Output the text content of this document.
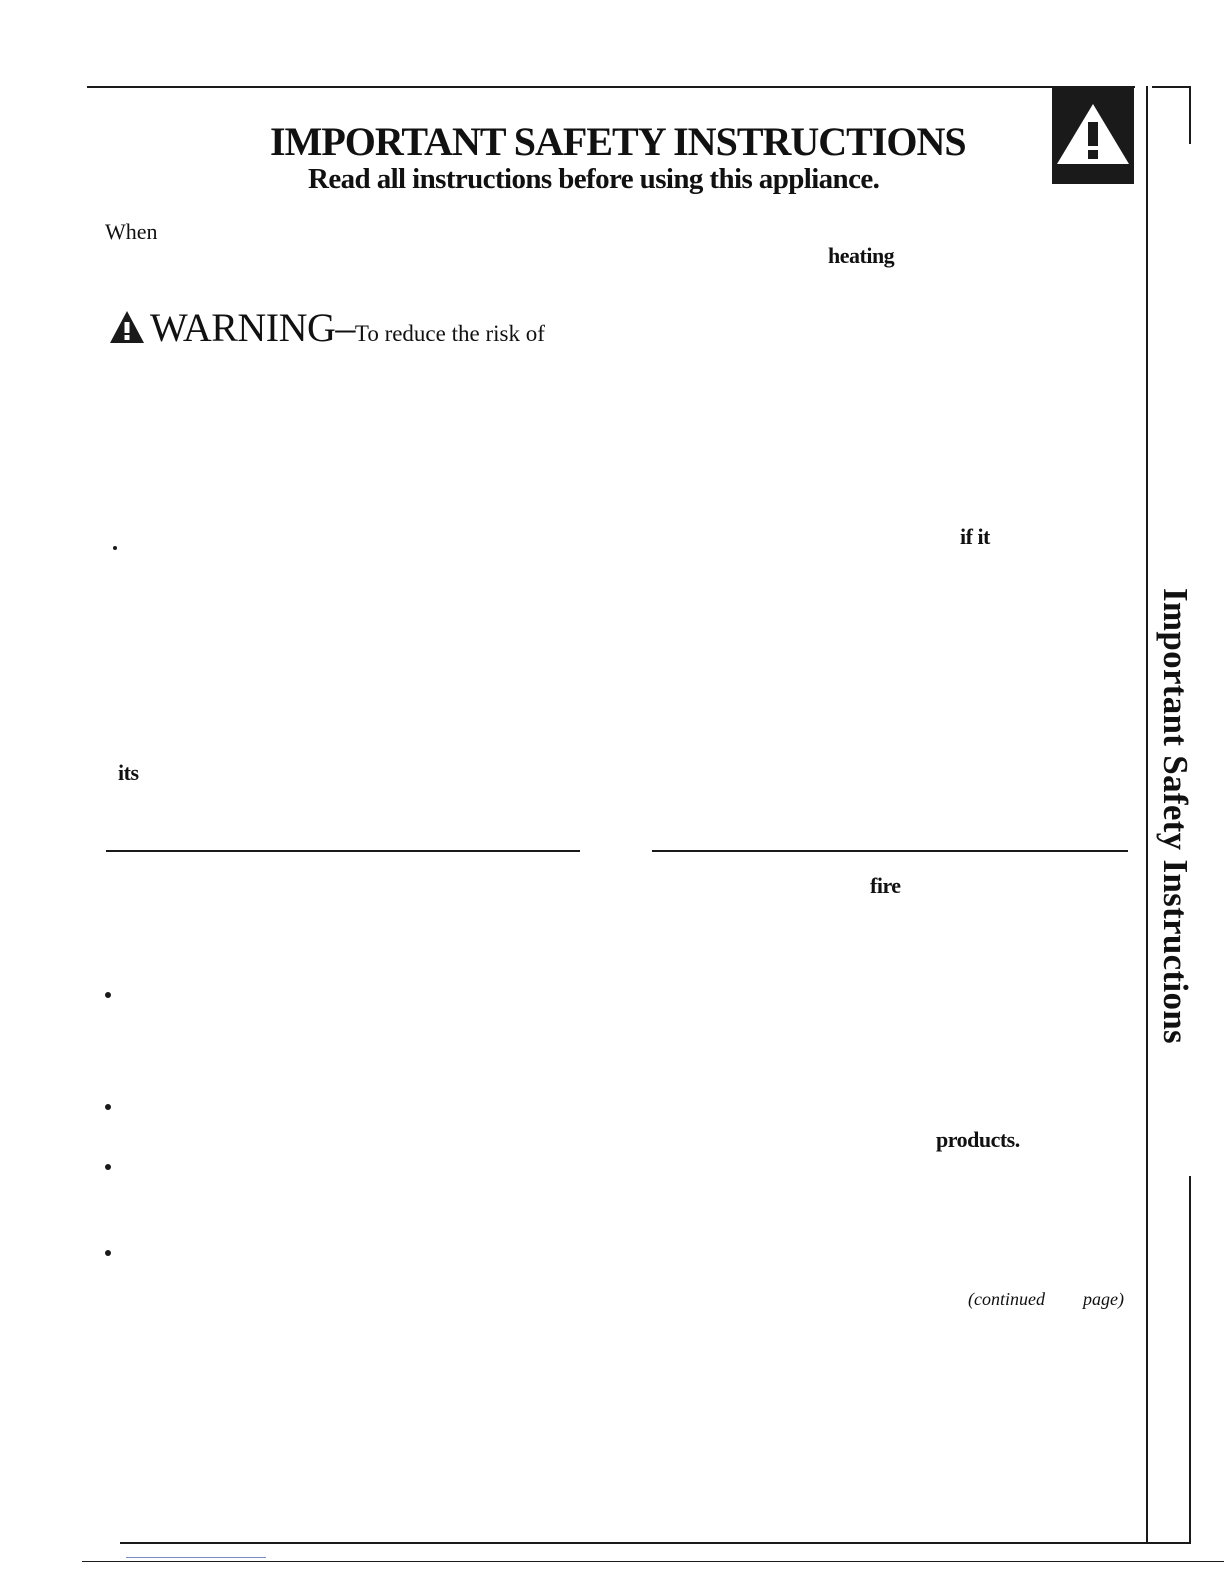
IMPORTANT SAFETY INSTRUCTIONS
Read all instructions before using this appliance.
When
heating
WARNING–To reduce the risk of
if it
its
fire
products.
(continued page)
Important Safety Instructions
